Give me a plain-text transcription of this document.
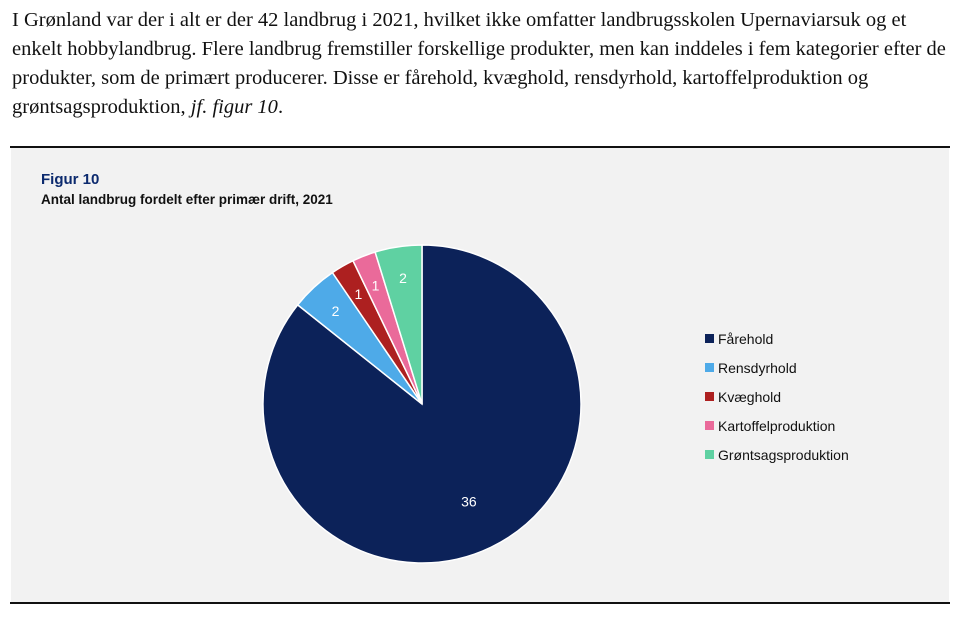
I Grønland var der i alt er der 42 landbrug i 2021, hvilket ikke omfatter landbrugsskolen Upernaviarsuk og et enkelt hobbylandbrug. Flere landbrug fremstiller forskellige produkter, men kan inddeles i fem kategorier efter de produkter, som de primært producerer. Disse er fårehold, kvæghold, rensdyrhold, kartoffelproduktion og grøntsagsproduktion, jf. figur 10.

Figur 10
Antal landbrug fordelt efter primær drift, 2021
36
2
1
1 2
Fårehold
Rensdyrhold
Kvæghold
Kartoffelproduktion
Grøntsagsproduktion
